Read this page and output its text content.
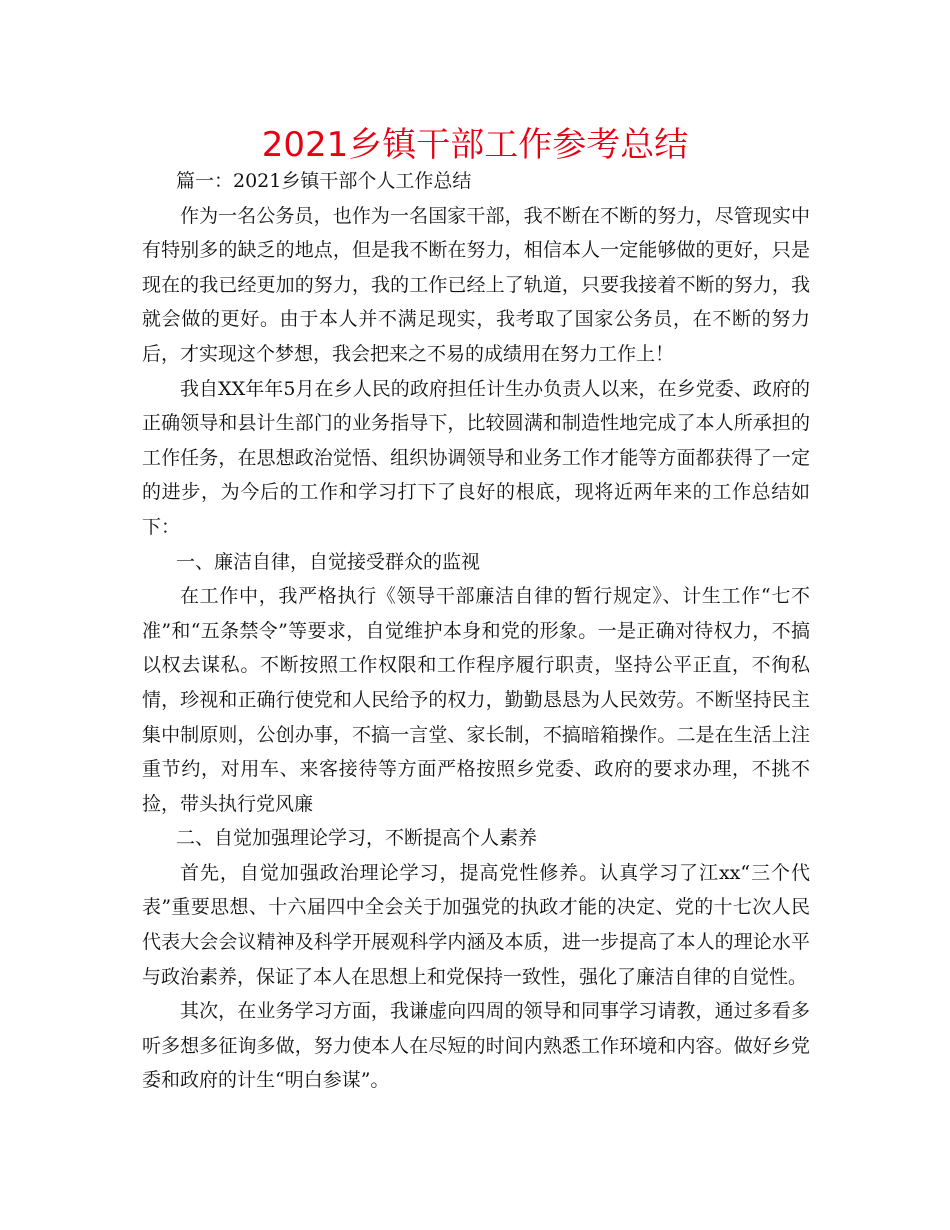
2021乡镇干部工作参考总结

篇一：2021乡镇干部个人工作总结

作为一名公务员，也作为一名国家干部，我不断在不断的努力，尽管现实中有特别多的缺乏的地点，但是我不断在努力，相信本人一定能够做的更好，只是现在的我已经更加的努力，我的工作已经上了轨道，只要我接着不断的努力，我就会做的更好。由于本人并不满足现实，我考取了国家公务员，在不断的努力后，才实现这个梦想，我会把来之不易的成绩用在努力工作上！

我自XX年年5月在乡人民的政府担任计生办负责人以来，在乡党委、政府的正确领导和县计生部门的业务指导下，比较圆满和制造性地完成了本人所承担的工作任务，在思想政治觉悟、组织协调领导和业务工作才能等方面都获得了一定的进步，为今后的工作和学习打下了良好的根底，现将近两年来的工作总结如下：

一、廉洁自律，自觉接受群众的监视

在工作中，我严格执行《领导干部廉洁自律的暂行规定》、计生工作“七不准”和“五条禁令”等要求，自觉维护本身和党的形象。一是正确对待权力，不搞以权去谋私。不断按照工作权限和工作程序履行职责，坚持公平正直，不徇私情，珍视和正确行使党和人民给予的权力，勤勤恳恳为人民效劳。不断坚持民主集中制原则，公创办事，不搞一言堂、家长制，不搞暗箱操作。二是在生活上注重节约，对用车、来客接待等方面严格按照乡党委、政府的要求办理，不挑不捡，带头执行党风廉

二、自觉加强理论学习，不断提高个人素养

首先，自觉加强政治理论学习，提高党性修养。认真学习了江xx“三个代表”重要思想、十六届四中全会关于加强党的执政才能的决定、党的十七次人民代表大会会议精神及科学开展观科学内涵及本质，进一步提高了本人的理论水平与政治素养，保证了本人在思想上和党保持一致性，强化了廉洁自律的自觉性。

其次，在业务学习方面，我谦虚向四周的领导和同事学习请教，通过多看多听多想多征询多做，努力使本人在尽短的时间内熟悉工作环境和内容。做好乡党委和政府的计生“明白参谋”。
